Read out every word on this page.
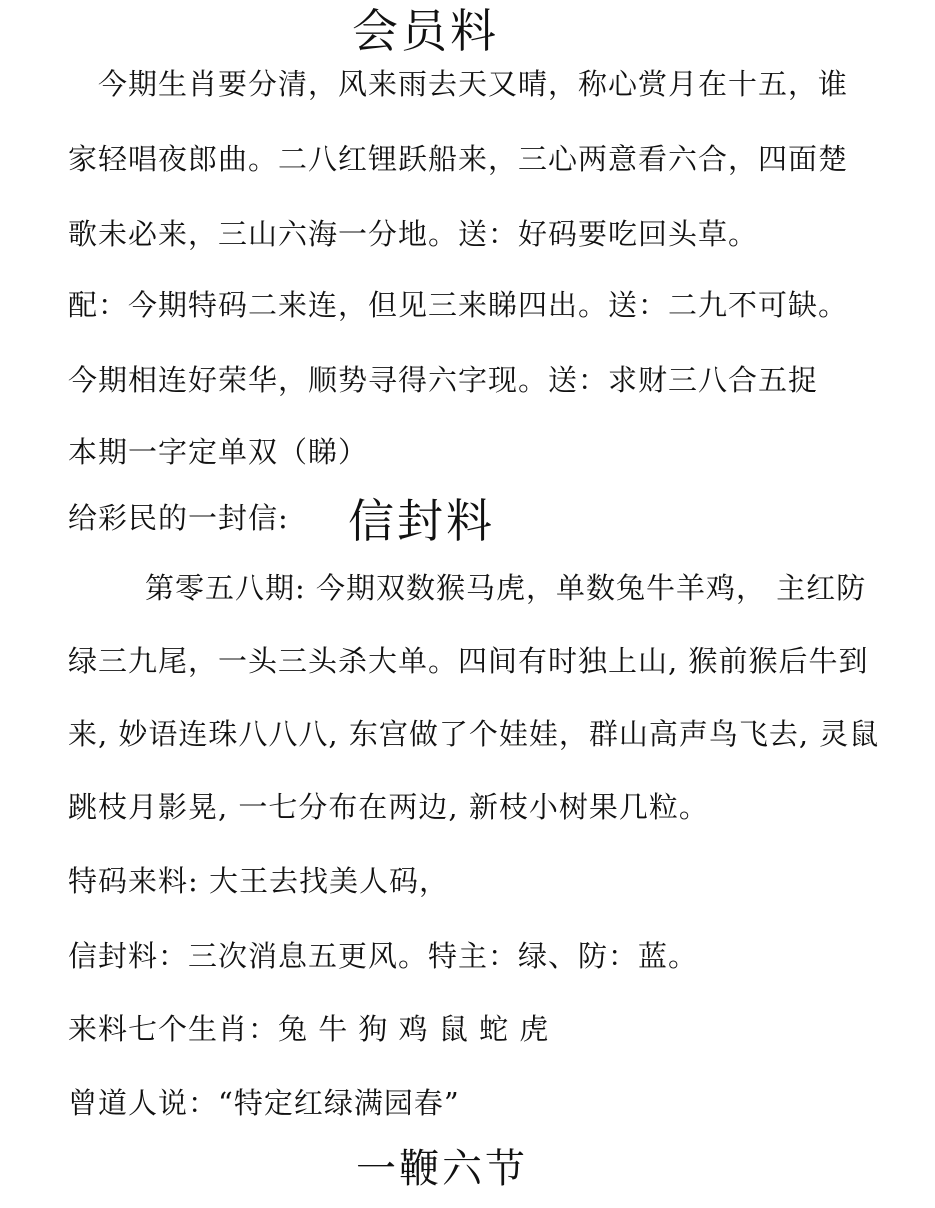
会员料
今期生肖要分清，风来雨去天又晴，称心赏月在十五，谁
家轻唱夜郎曲。二八红锂跃船来，三心两意看六合，四面楚
歌未必来，三山六海一分地。送：好码要吃回头草。
配：今期特码二来连，但见三来睇四出。送：二九不可缺。
今期相连好荣华，顺势寻得六字现。送：求财三八合五捉
本期一字定单双（睇）
给彩民的一封信: 信封料
第零五八期: 今期双数猴马虎，单数兔牛羊鸡， 主红防
绿三九尾，一头三头杀大单。四间有时独上山, 猴前猴后牛到
来, 妙语连珠八八八, 东宫做了个娃娃，群山高声鸟飞去, 灵鼠
跳枝月影晃, 一七分布在两边, 新枝小树果几粒。
特码来料: 大王去找美人码，
信封料：三次消息五更风。特主：绿、防：蓝。
来料七个生肖：兔 牛 狗 鸡 鼠 蛇 虎
曾道人说：“特定红绿满园春”
一鞭六节
